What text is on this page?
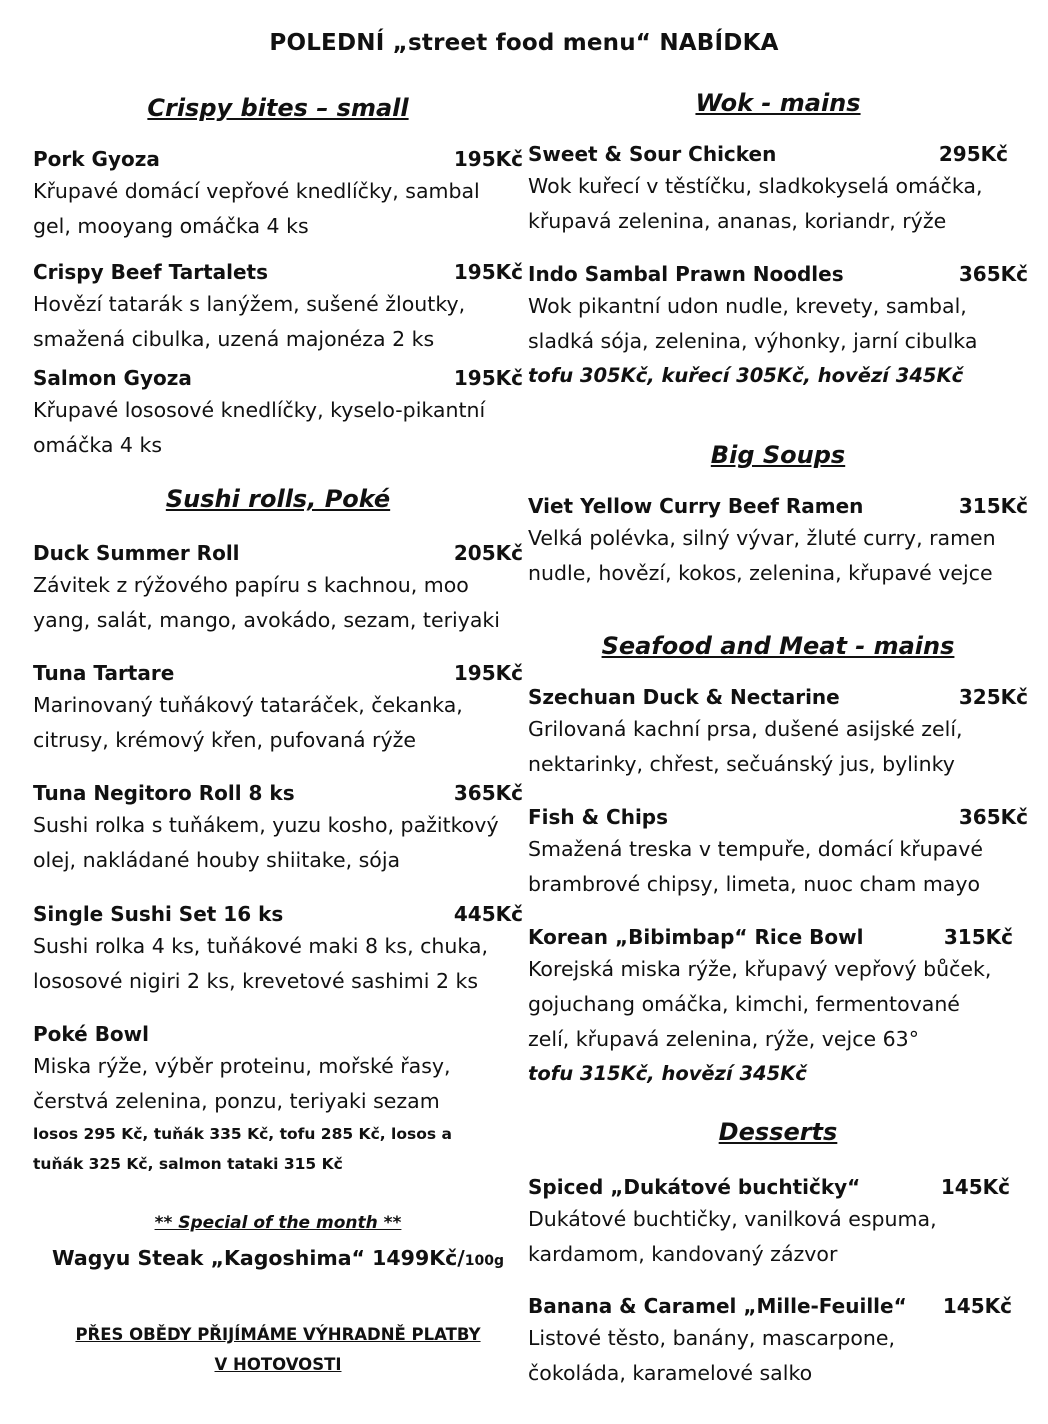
POLEDNÍ „street food menu“ NABÍDKA
Crispy bites – small
Pork Gyoza	195Kč
Křupavé domácí vepřové knedlíčky, sambal
gel, mooyang omáčka 4 ks
Crispy Beef Tartalets	195Kč
Hovězí tatarák s lanýžem, sušené žloutky,
smažená cibulka, uzená majonéza 2 ks
Salmon Gyoza	195Kč
Křupavé lososové knedlíčky, kyselo-pikantní
omáčka 4 ks
Sushi rolls, Poké
Duck Summer Roll	205Kč
Závitek z rýžového papíru s kachnou, moo
yang, salát, mango, avokádo, sezam, teriyaki
Tuna Tartare	195Kč
Marinovaný tuňákový tataráček, čekanka,
citrusy, krémový křen, pufovaná rýže
Tuna Negitoro Roll 8 ks	365Kč
Sushi rolka s tuňákem, yuzu kosho, pažitkový
olej, nakládané houby shiitake, sója
Single Sushi Set 16 ks	445Kč
Sushi rolka 4 ks, tuňákové maki 8 ks, chuka,
lososové nigiri 2 ks, krevetové sashimi 2 ks
Poké Bowl
Miska rýže, výběr proteinu, mořské řasy,
čerstvá zelenina, ponzu, teriyaki sezam
losos 295 Kč, tuňák 335 Kč, tofu 285 Kč, losos a
tuňák 325 Kč, salmon tataki 315 Kč
** Special of the month **
Wagyu Steak „Kagoshima“ 1499Kč/100g
PŘES OBĚDY PŘIJÍMÁME VÝHRADNĚ PLATBY
V HOTOVOSTI
Wok - mains
Sweet & Sour Chicken	295Kč
Wok kuřecí v těstíčku, sladkokyselá omáčka,
křupavá zelenina, ananas, koriandr, rýže
Indo Sambal Prawn Noodles	365Kč
Wok pikantní udon nudle, krevety, sambal,
sladká sója, zelenina, výhonky, jarní cibulka
tofu 305Kč, kuřecí 305Kč, hovězí 345Kč
Big Soups
Viet Yellow Curry Beef Ramen	315Kč
Velká polévka, silný vývar, žluté curry, ramen
nudle, hovězí, kokos, zelenina, křupavé vejce
Seafood and Meat - mains
Szechuan Duck & Nectarine	325Kč
Grilovaná kachní prsa, dušené asijské zelí,
nektarinky, chřest, sečuánský jus, bylinky
Fish & Chips	365Kč
Smažená treska v tempuře, domácí křupavé
brambrové chipsy, limeta, nuoc cham mayo
Korean „Bibimbap“ Rice Bowl	315Kč
Korejská miska rýže, křupavý vepřový bůček,
gojuchang omáčka, kimchi, fermentované
zelí, křupavá zelenina, rýže, vejce 63°
tofu 315Kč, hovězí 345Kč
Desserts
Spiced „Dukátové buchtičky“	145Kč
Dukátové buchtičky, vanilková espuma,
kardamom, kandovaný zázvor
Banana & Caramel „Mille-Feuille“ 145Kč
Listové těsto, banány, mascarpone,
čokoláda, karamelové salko
